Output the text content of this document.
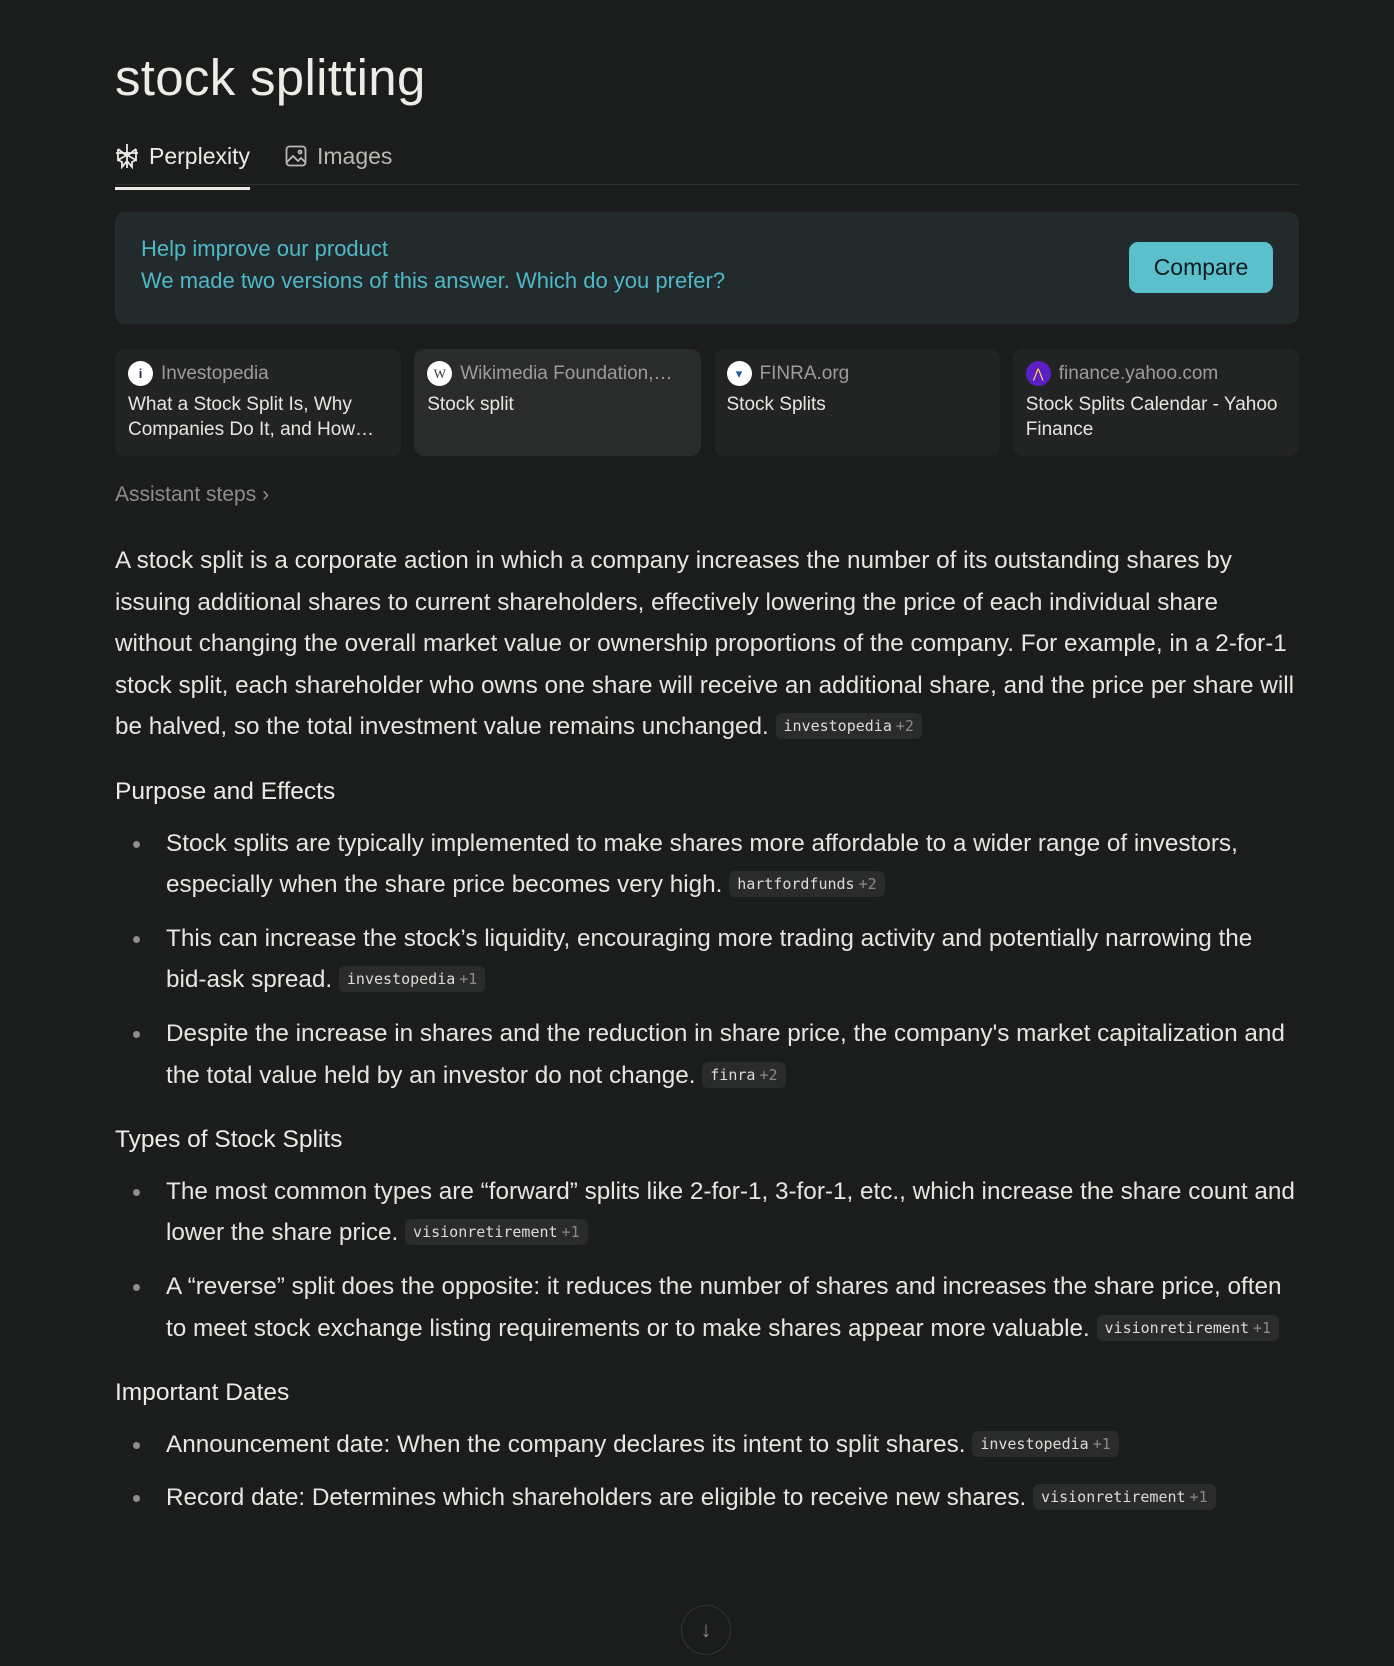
stock splitting
Perplexity	Images
Help improve our product
We made two versions of this answer. Which do you prefer?
Compare
i Investopedia
What a Stock Split Is, Why Companies Do It, and How…
W Wikimedia Foundation,…
Stock split
▾ FINRA.org
Stock Splits
⋀ finance.yahoo.com
Stock Splits Calendar - Yahoo Finance
Assistant steps ›

A stock split is a corporate action in which a company increases the number of its outstanding shares by issuing additional shares to current shareholders, effectively lowering the price of each individual share without changing the overall market value or ownership proportions of the company. For example, in a 2-for-1 stock split, each shareholder who owns one share will receive an additional share, and the price per share will be halved, so the total investment value remains unchanged. investopedia +2

Purpose and Effects
Stock splits are typically implemented to make shares more affordable to a wider range of investors, especially when the share price becomes very high. hartfordfunds +2
This can increase the stock’s liquidity, encouraging more trading activity and potentially narrowing the bid-ask spread. investopedia +1
Despite the increase in shares and the reduction in share price, the company's market capitalization and the total value held by an investor do not change. finra +2
Types of Stock Splits
The most common types are “forward” splits like 2-for-1, 3-for-1, etc., which increase the share count and lower the share price. visionretirement +1
A “reverse” split does the opposite: it reduces the number of shares and increases the share price, often to meet stock exchange listing requirements or to make shares appear more valuable. visionretirement +1
Important Dates
Announcement date: When the company declares its intent to split shares. investopedia +1
Record date: Determines which shareholders are eligible to receive new shares. visionretirement +1
↓
